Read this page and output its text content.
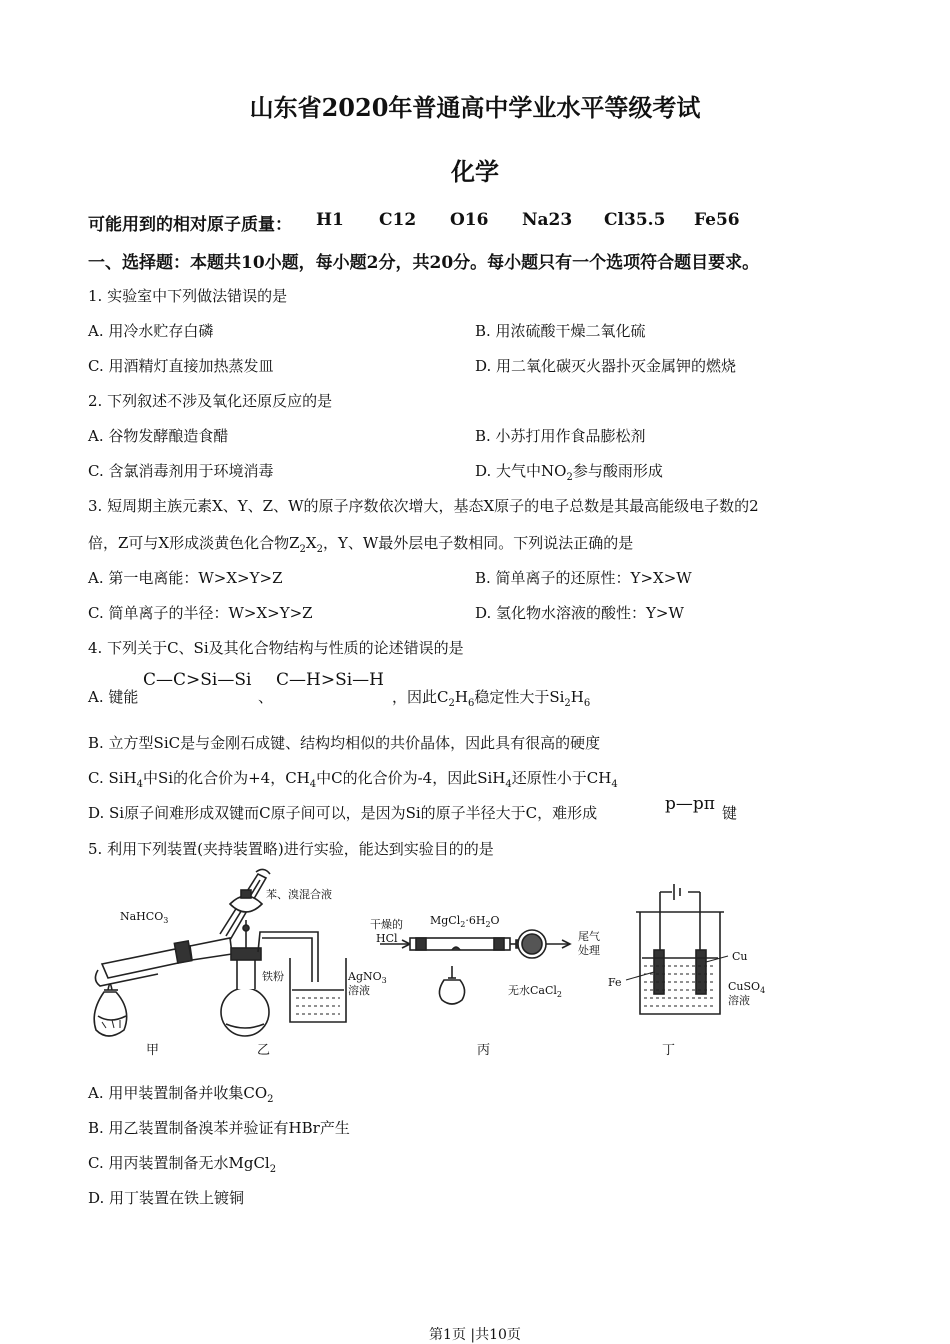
山东省2020年普通高中学业水平等级考试
化学
可能用到的相对原子质量： H1 C12 O16 Na23 Cl35.5 Fe56
一、选择题：本题共10小题，每小题2分，共20分。每小题只有一个选项符合题目要求。
1. 实验室中下列做法错误的是
A. 用冷水贮存白磷	B. 用浓硫酸干燥二氧化硫
C. 用酒精灯直接加热蒸发皿	D. 用二氧化碳灭火器扑灭金属钾的燃烧
2. 下列叙述不涉及氧化还原反应的是
A. 谷物发酵酿造食醋	B. 小苏打用作食品膨松剂
C. 含氯消毒剂用于环境消毒	D. 大气中$NO_2$参与酸雨形成
3. 短周期主族元素X、Y、Z、W的原子序数依次增大，基态X原子的电子总数是其最高能级电子数的2
倍，Z可与X形成淡黄色化合物$Z_2X_2$，Y、W最外层电子数相同。下列说法正确的是
A. 第一电离能：W>X>Y>Z	B. 简单离子的还原性：Y>X>W
C. 简单离子的半径：W>X>Y>Z	D. 氢化物水溶液的酸性：Y>W
4. 下列关于C、Si及其化合物结构与性质的论述错误的是
A. 键能
C—C>Si—Si
、
C—H>Si—H
，因此$C_2H_6$稳定性大于$Si_2H_6$
B. 立方型SiC是与金刚石成键、结构均相似的共价晶体，因此具有很高的硬度
C. SiH$_4$中Si的化合价为+4，$CH_4$中C的化合价为-4，因此SiH$_4$还原性小于$CH_4$
D. Si原子间难形成双键而C原子间可以，是因为Si的原子半径大于C，难形成	p—pπ 键
5. 利用下列装置(夹持装置略)进行实验，能达到实验目的的是
NaHCO$_3$
苯、溴混合液
铁粉	AgNO$_3$
溶液
干燥的
HCl
$MgCl_2\cdot 6H_2O$
尾气
处理
无水CaCl$_2$
Cu
Fe	CuSO$_4$
溶液
甲	乙	丙	丁
A. 用甲装置制备并收集$CO_2$
B. 用乙装置制备溴苯并验证有HBr产生
C. 用丙装置制备无水MgCl$_2$
D. 用丁装置在铁上镀铜
第1页 |共10页
